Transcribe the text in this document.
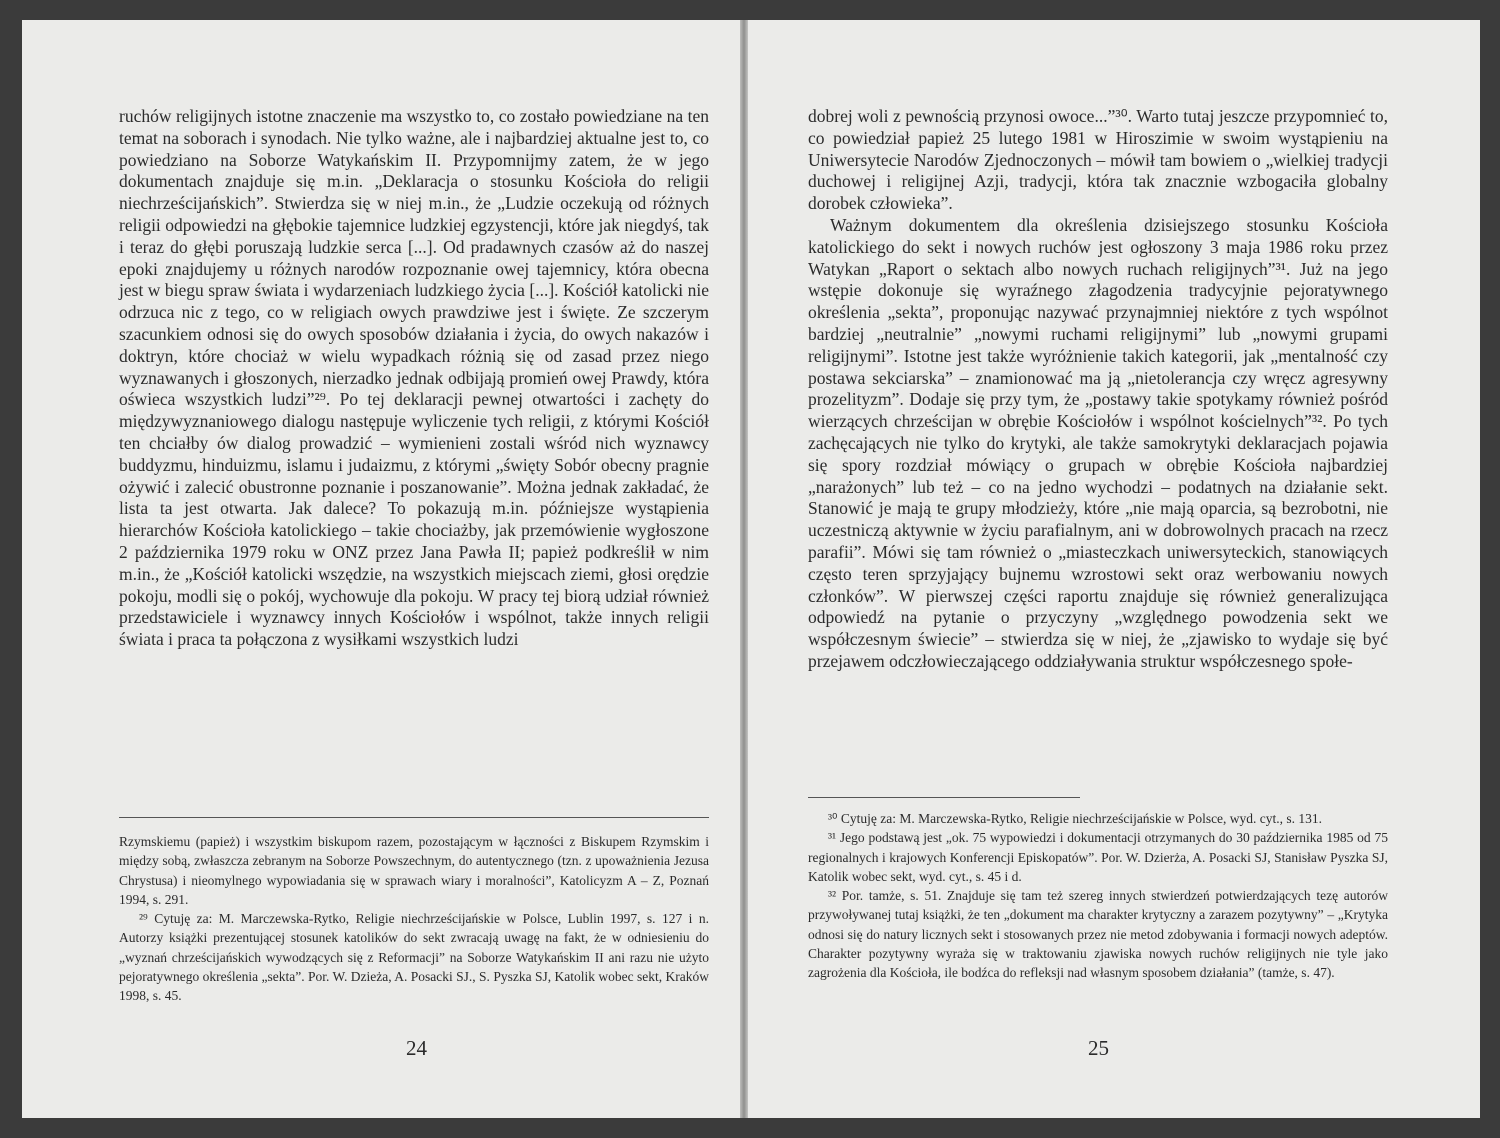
ruchów religijnych istotne znaczenie ma wszystko to, co zostało powiedziane na ten temat na soborach i synodach. Nie tylko ważne, ale i najbardziej aktualne jest to, co powiedziano na Soborze Watykańskim II. Przypomnijmy zatem, że w jego dokumentach znajduje się m.in. „Deklaracja o stosunku Kościoła do religii niechrześcijańskich”. Stwierdza się w niej m.in., że „Ludzie oczekują od różnych religii odpowiedzi na głębokie tajemnice ludzkiej egzystencji, które jak niegdyś, tak i teraz do głębi poruszają ludzkie serca [...]. Od pradawnych czasów aż do naszej epoki znajdujemy u różnych narodów rozpoznanie owej tajemnicy, która obecna jest w biegu spraw świata i wydarzeniach ludzkiego życia [...]. Kościół katolicki nie odrzuca nic z tego, co w religiach owych prawdziwe jest i święte. Ze szczerym szacunkiem odnosi się do owych sposobów działania i życia, do owych nakazów i doktryn, które chociaż w wielu wypadkach różnią się od zasad przez niego wyznawanych i głoszonych, nierzadko jednak odbijają promień owej Prawdy, która oświeca wszystkich ludzi”²⁹. Po tej deklaracji pewnej otwartości i zachęty do międzywyznaniowego dialogu następuje wyliczenie tych religii, z którymi Kościół ten chciałby ów dialog prowadzić – wymienieni zostali wśród nich wyznawcy buddyzmu, hinduizmu, islamu i judaizmu, z którymi „święty Sobór obecny pragnie ożywić i zalecić obustronne poznanie i poszanowanie”. Można jednak zakładać, że lista ta jest otwarta. Jak dalece? To pokazują m.in. późniejsze wystąpienia hierarchów Kościoła katolickiego – takie chociażby, jak przemówienie wygłoszone 2 października 1979 roku w ONZ przez Jana Pawła II; papież podkreślił w nim m.in., że „Kościół katolicki wszędzie, na wszystkich miejscach ziemi, głosi orędzie pokoju, modli się o pokój, wychowuje dla pokoju. W pracy tej biorą udział również przedstawiciele i wyznawcy innych Kościołów i wspólnot, także innych religii świata i praca ta połączona z wysiłkami wszystkich ludzi

Rzymskiemu (papież) i wszystkim biskupom razem, pozostającym w łączności z Biskupem Rzymskim i między sobą, zwłaszcza zebranym na Soborze Powszechnym, do autentycznego (tzn. z upoważnienia Jezusa Chrystusa) i nieomylnego wypowiadania się w sprawach wiary i moralności”, Katolicyzm A – Z, Poznań 1994, s. 291.

²⁹ Cytuję za: M. Marczewska-Rytko, Religie niechrześcijańskie w Polsce, Lublin 1997, s. 127 i n. Autorzy książki prezentującej stosunek katolików do sekt zwracają uwagę na fakt, że w odniesieniu do „wyznań chrześcijańskich wywodzących się z Reformacji” na Soborze Watykańskim II ani razu nie użyto pejoratywnego określenia „sekta”. Por. W. Dzieża, A. Posacki SJ., S. Pyszka SJ, Katolik wobec sekt, Kraków 1998, s. 45.

24

dobrej woli z pewnością przynosi owoce...”³⁰. Warto tutaj jeszcze przypomnieć to, co powiedział papież 25 lutego 1981 w Hiroszimie w swoim wystąpieniu na Uniwersytecie Narodów Zjednoczonych – mówił tam bowiem o „wielkiej tradycji duchowej i religijnej Azji, tradycji, która tak znacznie wzbogaciła globalny dorobek człowieka”.

Ważnym dokumentem dla określenia dzisiejszego stosunku Kościoła katolickiego do sekt i nowych ruchów jest ogłoszony 3 maja 1986 roku przez Watykan „Raport o sektach albo nowych ruchach religijnych”³¹. Już na jego wstępie dokonuje się wyraźnego złagodzenia tradycyjnie pejoratywnego określenia „sekta”, proponując nazywać przynajmniej niektóre z tych wspólnot bardziej „neutralnie” „nowymi ruchami religijnymi” lub „nowymi grupami religijnymi”. Istotne jest także wyróżnienie takich kategorii, jak „mentalność czy postawa sekciarska” – znamionować ma ją „nietolerancja czy wręcz agresywny prozelityzm”. Dodaje się przy tym, że „postawy takie spotykamy również pośród wierzących chrześcijan w obrębie Kościołów i wspólnot kościelnych”³². Po tych zachęcających nie tylko do krytyki, ale także samokrytyki deklaracjach pojawia się spory rozdział mówiący o grupach w obrębie Kościoła najbardziej „narażonych” lub też – co na jedno wychodzi – podatnych na działanie sekt. Stanowić je mają te grupy młodzieży, które „nie mają oparcia, są bezrobotni, nie uczestniczą aktywnie w życiu parafialnym, ani w dobrowolnych pracach na rzecz parafii”. Mówi się tam również o „miasteczkach uniwersyteckich, stanowiących często teren sprzyjający bujnemu wzrostowi sekt oraz werbowaniu nowych członków”. W pierwszej części raportu znajduje się również generalizująca odpowiedź na pytanie o przyczyny „względnego powodzenia sekt we współczesnym świecie” – stwierdza się w niej, że „zjawisko to wydaje się być przejawem odczłowieczającego oddziaływania struktur współczesnego społe-

³⁰ Cytuję za: M. Marczewska-Rytko, Religie niechrześcijańskie w Polsce, wyd. cyt., s. 131.

³¹ Jego podstawą jest „ok. 75 wypowiedzi i dokumentacji otrzymanych do 30 października 1985 od 75 regionalnych i krajowych Konferencji Episkopatów”. Por. W. Dzierża, A. Posacki SJ, Stanisław Pyszka SJ, Katolik wobec sekt, wyd. cyt., s. 45 i d.

³² Por. tamże, s. 51. Znajduje się tam też szereg innych stwierdzeń potwierdzających tezę autorów przywoływanej tutaj książki, że ten „dokument ma charakter krytyczny a zarazem pozytywny” – „Krytyka odnosi się do natury licznych sekt i stosowanych przez nie metod zdobywania i formacji nowych adeptów. Charakter pozytywny wyraża się w traktowaniu zjawiska nowych ruchów religijnych nie tyle jako zagrożenia dla Kościoła, ile bodźca do refleksji nad własnym sposobem działania” (tamże, s. 47).

25
